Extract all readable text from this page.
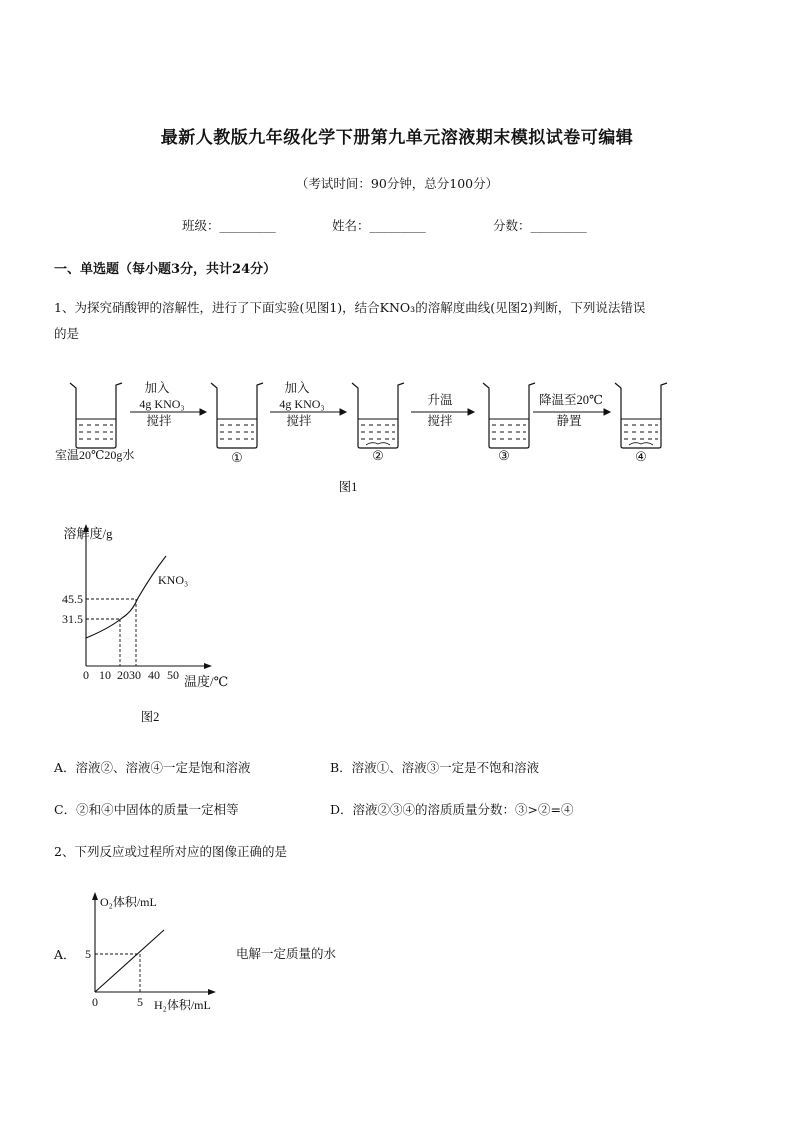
最新人教版九年级化学下册第九单元溶液期末模拟试卷可编辑
（考试时间：90分钟，总分100分）
班级：_________	姓名：_________	分数：_________
一、单选题（每小题3分，共计24分）
1、为探究硝酸钾的溶解性，进行了下面实验(见图1)，结合KNO₃的溶解度曲线(见图2)判断，下列说法错误
的是
加入
4g KNO₃
搅拌
加入
4g KNO₃
搅拌
升温
搅拌
降温至20℃
静置
室温20℃20g水	①	②	③	④
图1
溶解度/g
KNO₃
45.5
31.5
0 10 2030 40 50 温度/℃
图2
A．溶液②、溶液④一定是饱和溶液	B．溶液①、溶液③一定是不饱和溶液
C．②和④中固体的质量一定相等	D．溶液②③④的溶质质量分数：③>②=④
2、下列反应或过程所对应的图像正确的是
A．
O₂体积/mL
5
0	5 H₂体积/mL
电解一定质量的水
